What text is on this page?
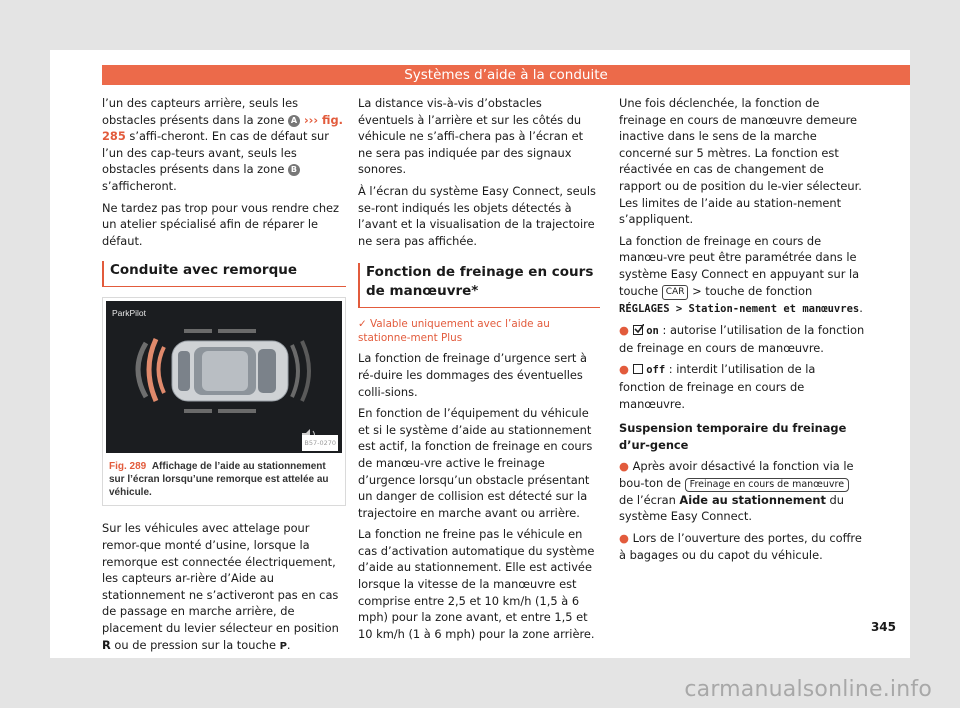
Systèmes d’aide à la conduite

l’un des capteurs arrière, seuls les obstacles présents dans la zone A ››› fig. 285 s’affi-cheront. En cas de défaut sur l’un des cap-teurs avant, seuls les obstacles présents dans la zone B s’afficheront.

Ne tardez pas trop pour vous rendre chez un atelier spécialisé afin de réparer le défaut.

Conduite avec remorque
ParkPilot
B57-0270
Fig. 289 Affichage de l’aide au stationnement sur l’écran lorsqu’une remorque est attelée au véhicule.

Sur les véhicules avec attelage pour remor-que monté d’usine, lorsque la remorque est connectée électriquement, les capteurs ar-rière d’Aide au stationnement ne s’activeront pas en cas de passage en marche arrière, de placement du levier sélecteur en position R ou de pression sur la touche P.

La distance vis-à-vis d’obstacles éventuels à l’arrière et sur les côtés du véhicule ne s’affi-chera pas à l’écran et ne sera pas indiquée par des signaux sonores.

À l’écran du système Easy Connect, seuls se-ront indiqués les objets détectés à l’avant et la visualisation de la trajectoire ne sera pas affichée.

Fonction de freinage en cours de manœuvre*

✓ Valable uniquement avec l’aide au stationne-ment Plus

La fonction de freinage d’urgence sert à ré-duire les dommages des éventuelles colli-sions.

En fonction de l’équipement du véhicule et si le système d’aide au stationnement est actif, la fonction de freinage en cours de manœu-vre active le freinage d’urgence lorsqu’un obstacle présentant un danger de collision est détecté sur la trajectoire en marche avant ou arrière.

La fonction ne freine pas le véhicule en cas d’activation automatique du système d’aide au stationnement. Elle est activée lorsque la vitesse de la manœuvre est comprise entre 2,5 et 10 km/h (1,5 à 6 mph) pour la zone avant, et entre 1,5 et 10 km/h (1 à 6 mph) pour la zone arrière.

Une fois déclenchée, la fonction de freinage en cours de manœuvre demeure inactive dans le sens de la marche concerné sur 5 mètres. La fonction est réactivée en cas de changement de rapport ou de position du le-vier sélecteur. Les limites de l’aide au station-nement s’appliquent.

La fonction de freinage en cours de manœu-vre peut être paramétrée dans le système Easy Connect en appuyant sur la touche CAR > touche de fonction RÉGLAGES > Station-nement et manœuvres.

● on : autorise l’utilisation de la fonction de freinage en cours de manœuvre.

● off : interdit l’utilisation de la fonction de freinage en cours de manœuvre.

Suspension temporaire du freinage d’ur-gence

● Après avoir désactivé la fonction via le bou-ton de Freinage en cours de manœuvre de l’écran Aide au stationnement du système Easy Connect.

● Lors de l’ouverture des portes, du coffre à bagages ou du capot du véhicule.

345
carmanualsonline.info
